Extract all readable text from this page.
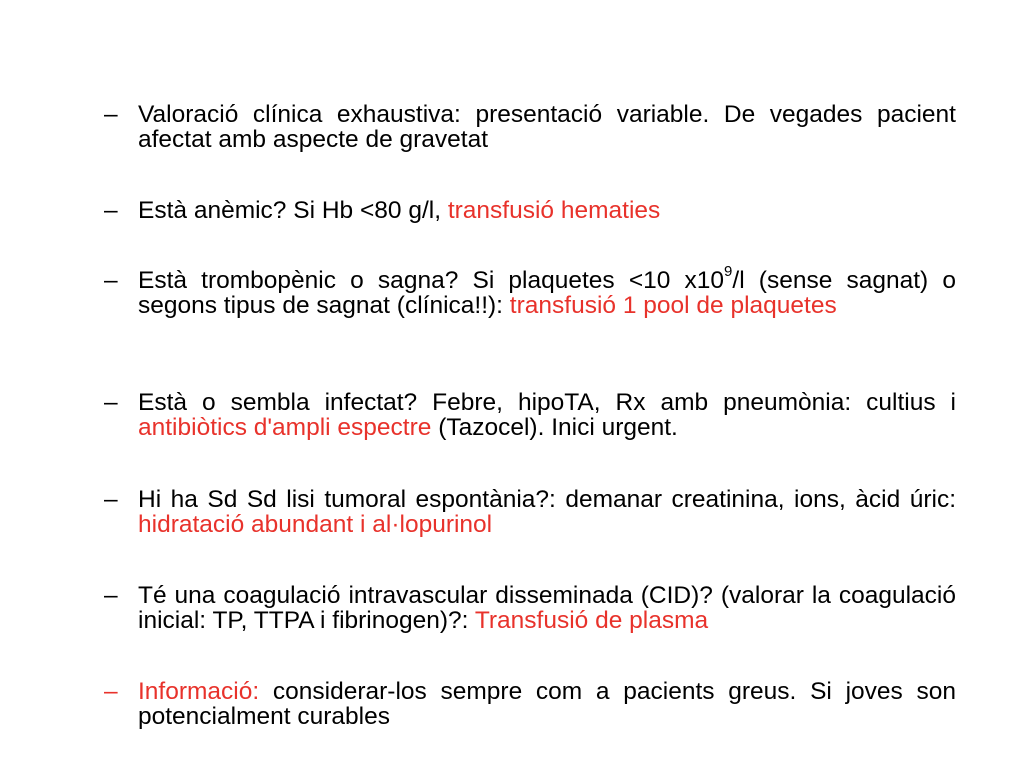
– Valoració clínica exhaustiva: presentació variable. De vegades pacient afectat amb aspecte de gravetat
– Està anèmic? Si Hb <80 g/l, transfusió hematies
– Està trombopènic o sagna? Si plaquetes <10 $x10^9/l$ (sense sagnat) o segons tipus de sagnat (clínica!!): transfusió 1 pool de plaquetes
– Està o sembla infectat? Febre, hipoTA, Rx amb pneumònia: cultius i antibiòtics d'ampli espectre (Tazocel). Inici urgent.
– Hi ha Sd Sd lisi tumoral espontània?: demanar creatinina, ions, àcid úric: hidratació abundant i al·lopurinol
– Té una coagulació intravascular disseminada (CID)? (valorar la coagulació inicial: TP, TTPA i fibrinogen)?: Transfusió de plasma
– Informació: considerar-los sempre com a pacients greus. Si joves son potencialment curables
